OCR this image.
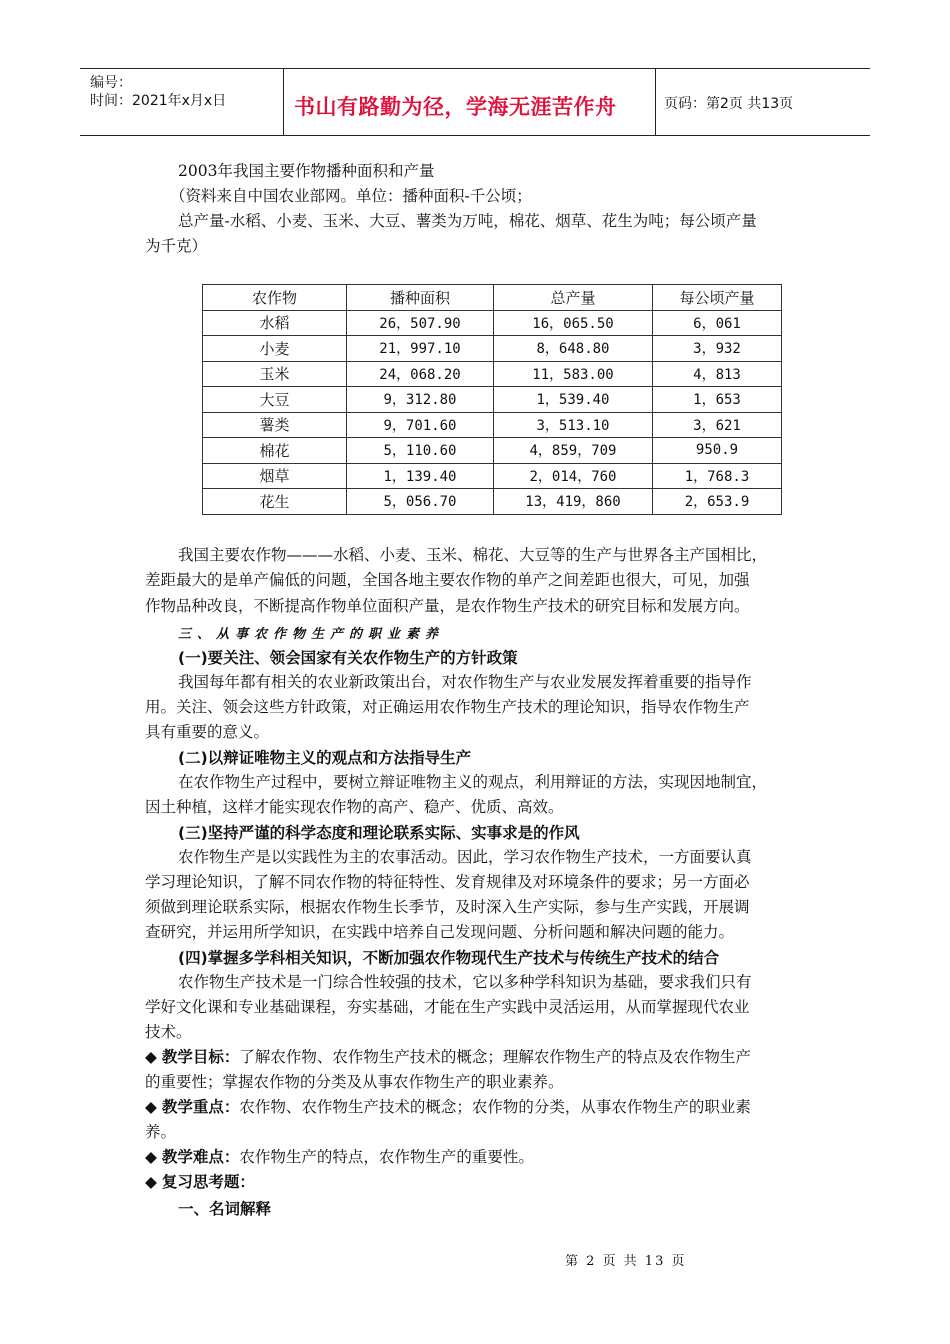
编号：
时间：2021年x月x日	书山有路勤为径，学海无涯苦作舟	页码：第2页 共13页
2003年我国主要作物播种面积和产量
（资料来自中国农业部网。单位：播种面积-千公顷；
总产量-水稻、小麦、玉米、大豆、薯类为万吨，棉花、烟草、花生为吨；每公顷产量
为千克）
农作物	播种面积	总产量	每公顷产量
水稻	26，507.90	16，065.50	6，061
小麦	21，997.10	8，648.80	3，932
玉米	24，068.20	11，583.00	4，813
大豆	9，312.80	1，539.40	1，653
薯类	9，701.60	3，513.10	3，621
棉花	5，110.60	4，859，709	950.9
烟草	1，139.40	2，014，760	1，768.3
花生	5，056.70	13，419，860	2，653.9
我国主要农作物———水稻、小麦、玉米、棉花、大豆等的生产与世界各主产国相比，
差距最大的是单产偏低的问题，全国各地主要农作物的单产之间差距也很大，可见，加强
作物品种改良，不断提高作物单位面积产量，是农作物生产技术的研究目标和发展方向。
三、从事农作物生产的职业素养
(一)要关注、领会国家有关农作物生产的方针政策
我国每年都有相关的农业新政策出台，对农作物生产与农业发展发挥着重要的指导作
用。关注、领会这些方针政策，对正确运用农作物生产技术的理论知识，指导农作物生产
具有重要的意义。
(二)以辩证唯物主义的观点和方法指导生产
在农作物生产过程中，要树立辩证唯物主义的观点，利用辩证的方法，实现因地制宜，
因土种植，这样才能实现农作物的高产、稳产、优质、高效。
(三)坚持严谨的科学态度和理论联系实际、实事求是的作风
农作物生产是以实践性为主的农事活动。因此，学习农作物生产技术，一方面要认真
学习理论知识，了解不同农作物的特征特性、发育规律及对环境条件的要求；另一方面必
须做到理论联系实际，根据农作物生长季节，及时深入生产实际，参与生产实践，开展调
查研究，并运用所学知识，在实践中培养自己发现问题、分析问题和解决问题的能力。
(四)掌握多学科相关知识，不断加强农作物现代生产技术与传统生产技术的结合
农作物生产技术是一门综合性较强的技术，它以多种学科知识为基础，要求我们只有
学好文化课和专业基础课程，夯实基础，才能在生产实践中灵活运用，从而掌握现代农业
技术。
◆ 教学目标：了解农作物、农作物生产技术的概念；理解农作物生产的特点及农作物生产
的重要性；掌握农作物的分类及从事农作物生产的职业素养。
◆ 教学重点：农作物、农作物生产技术的概念；农作物的分类，从事农作物生产的职业素
养。
◆ 教学难点：农作物生产的特点，农作物生产的重要性。
◆ 复习思考题：
一、名词解释
第 2 页 共 13 页
